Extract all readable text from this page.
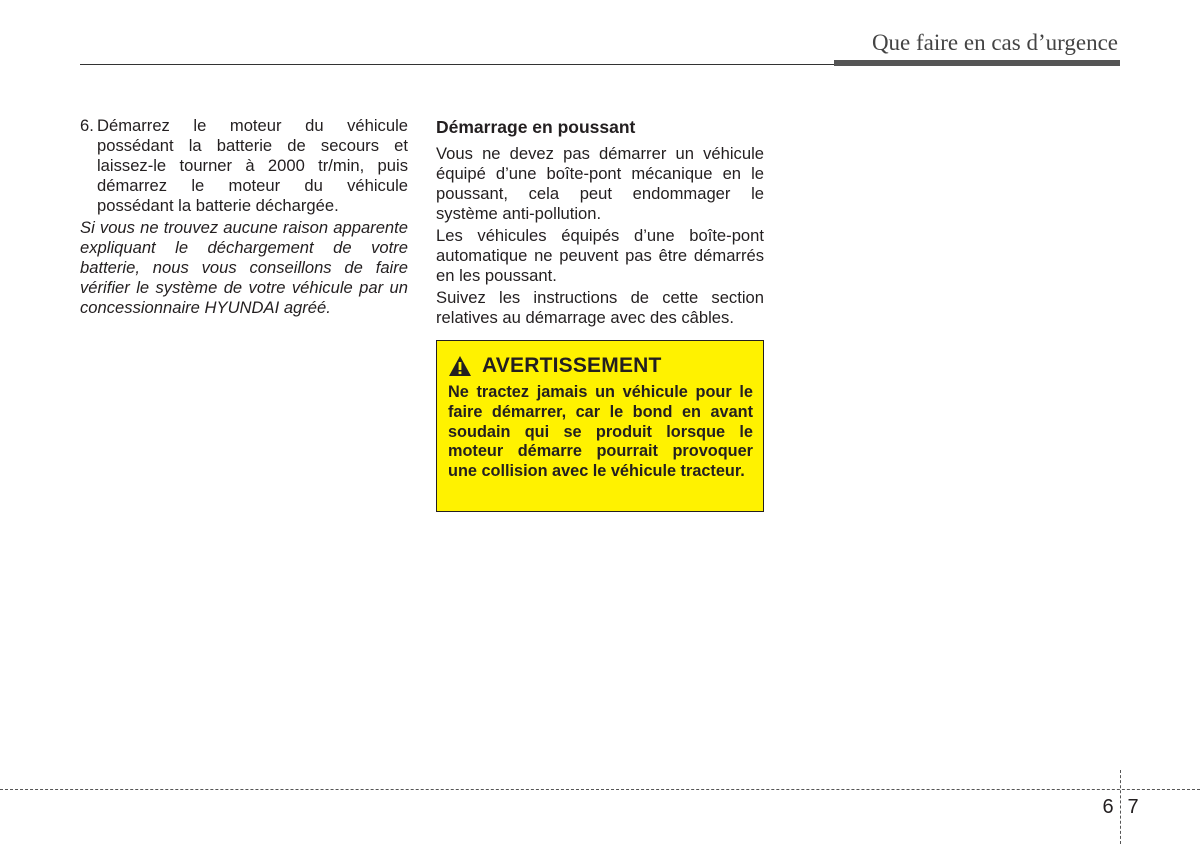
Que faire en cas d’urgence
6. Démarrez le moteur du véhicule possédant la batterie de secours et laissez-le tourner à 2000 tr/min, puis démarrez le moteur du véhicule possédant la batterie déchargée.

Si vous ne trouvez aucune raison apparente expliquant le déchargement de votre batterie, nous vous conseillons de faire vérifier le système de votre véhicule par un concessionnaire HYUNDAI agréé.

Démarrage en poussant

Vous ne devez pas démarrer un véhicule équipé d’une boîte-pont mécanique en le poussant, cela peut endommager le système anti-pollution.

Les véhicules équipés d’une boîte-pont automatique ne peuvent pas être démarrés en les poussant.

Suivez les instructions de cette section relatives au démarrage avec des câbles.

AVERTISSEMENT

Ne tractez jamais un véhicule pour le faire démarrer, car le bond en avant soudain qui se produit lorsque le moteur démarre pourrait provoquer une collision avec le véhicule tracteur.

6 7
